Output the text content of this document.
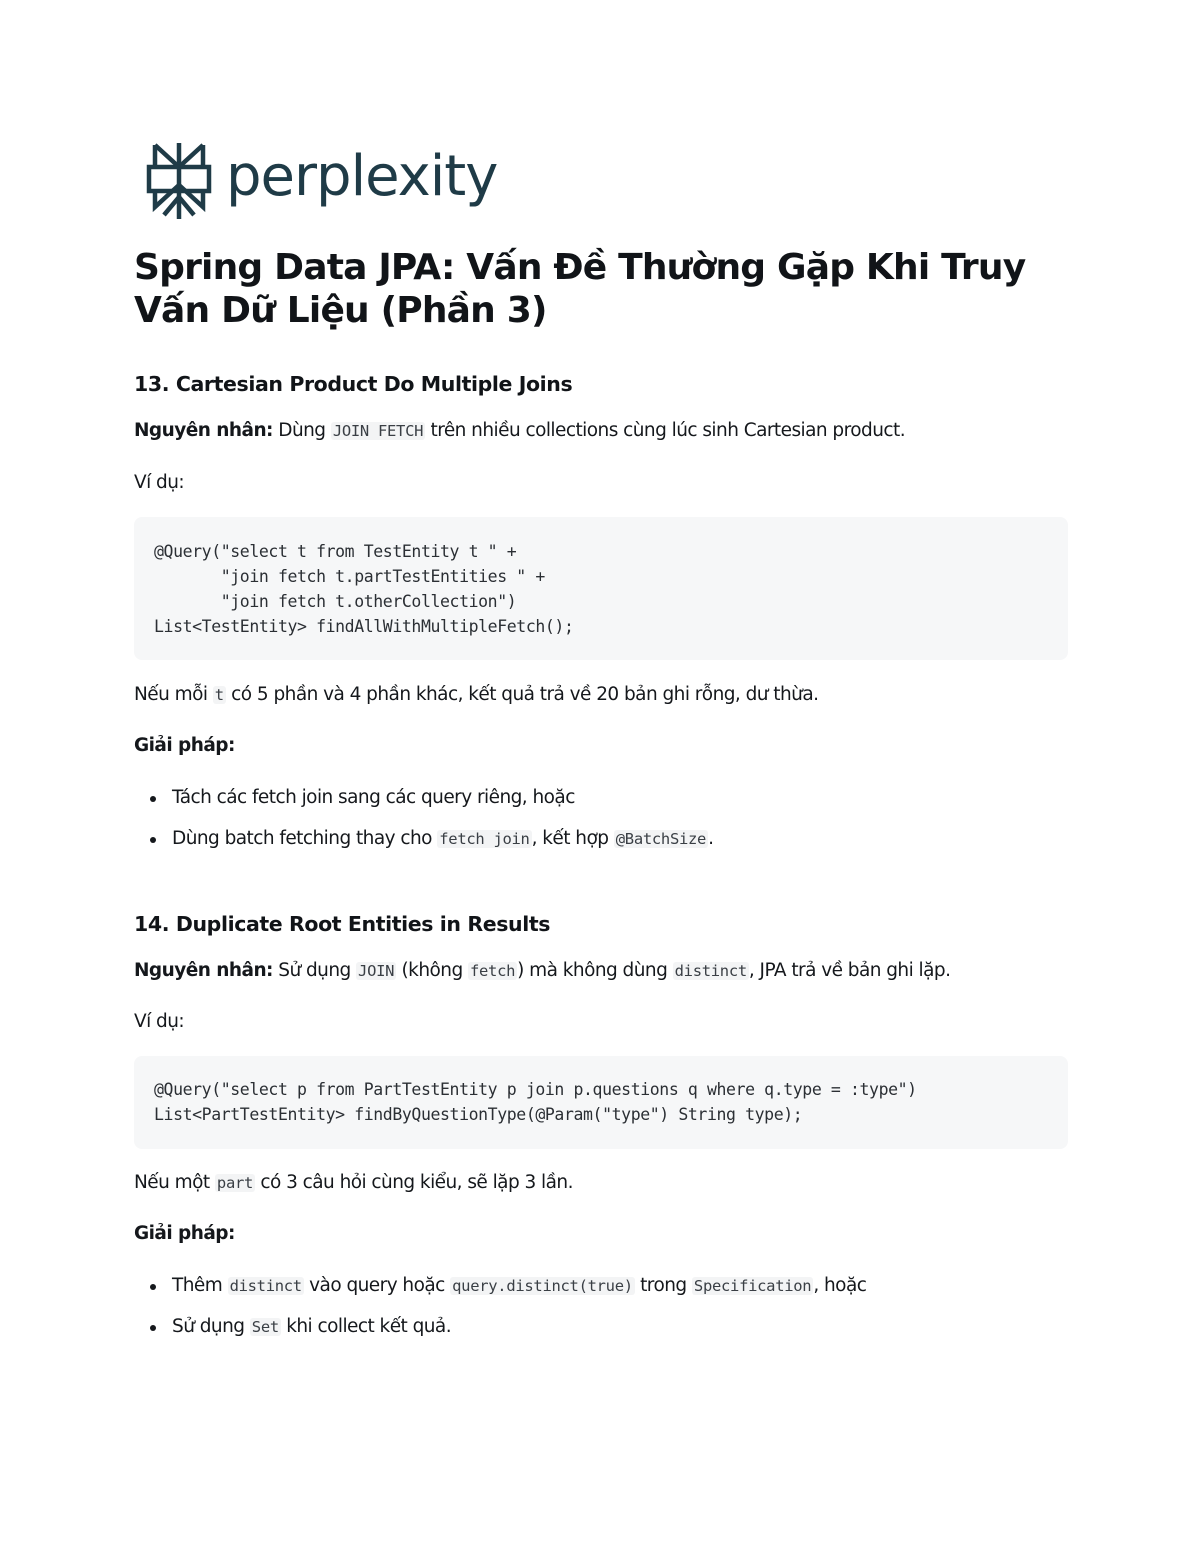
perplexity
Spring Data JPA: Vấn Đề Thường Gặp Khi Truy Vấn Dữ Liệu (Phần 3)
13. Cartesian Product Do Multiple Joins

Nguyên nhân: Dùng JOIN FETCH trên nhiều collections cùng lúc sinh Cartesian product.

Ví dụ:

@Query("select t from TestEntity t " +
"join fetch t.partTestEntities " +
"join fetch t.otherCollection")
List<TestEntity> findAllWithMultipleFetch();

Nếu mỗi t có 5 phần và 4 phần khác, kết quả trả về 20 bản ghi rỗng, dư thừa.

Giải pháp:

Tách các fetch join sang các query riêng, hoặc
Dùng batch fetching thay cho fetch join , kết hợp @BatchSize .
14. Duplicate Root Entities in Results

Nguyên nhân: Sử dụng JOIN (không fetch ) mà không dùng distinct , JPA trả về bản ghi lặp.

Ví dụ:

@Query("select p from PartTestEntity p join p.questions q where q.type = :type")
List<PartTestEntity> findByQuestionType(@Param("type") String type);

Nếu một part có 3 câu hỏi cùng kiểu, sẽ lặp 3 lần.

Giải pháp:

Thêm distinct vào query hoặc query.distinct(true) trong Specification , hoặc
Sử dụng Set khi collect kết quả.
